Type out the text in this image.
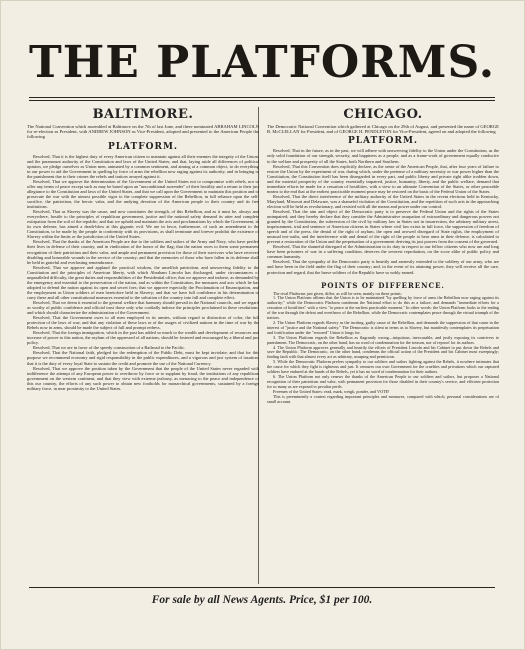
THE PLATFORMS.
BALTIMORE.
The National Convention which assembled at Baltimore on the 7th of last June, and there nominated ABRAHAM LINCOLN for re-election as President, with ANDREW JOHNSON as Vice-President, adopted and presented to the American People the following
PLATFORM.

Resolved, That it is the highest duty of every American citizen to maintain against all their enemies the integrity of the Union, and the paramount authority of the Constitution and laws of the United States; and that, laying aside all differences of political opinion, we pledge ourselves as Union men, animated by a common sentiment, and aiming at a common object, to do everything in our power to aid the Government in quelling by force of arms the rebellion now raging against its authority, and in bringing to the punishment due to their crimes the rebels and traitors arrayed against it.

Resolved, That we approve the determination of the Government of the United States not to compromise with rebels, nor to offer any terms of peace except such as may be based upon an "unconditional surrender" of their hostility and a return to their just allegiance to the Constitution and laws of the United States, and that we call upon the Government to maintain this position and to prosecute the war with the utmost possible vigor to the complete suppression of the Rebellion, in full reliance upon the self-sacrifice, the patriotism, the heroic valor, and the undying devotion of the American people to their country and its free institutions.

Resolved, That as Slavery was the cause, and now constitutes the strength, of this Rebellion, and as it must be, always and everywhere, hostile to the principles of republican government, justice and the national safety demand its utter and complete extirpation from the soil of the republic; and that we uphold and maintain the acts and proclamations by which the Government, in its own defense, has aimed a death-blow at this gigantic evil. We are in favor, furthermore, of such an amendment to the Constitution, to be made by the people in conformity with its provisions, as shall terminate and forever prohibit the existence of Slavery within the limits or the jurisdiction of the United States.

Resolved, That the thanks of the American People are due to the soldiers and sailors of the Army and Navy, who have periled their lives in defense of their country, and in vindication of the honor of the flag; that the nation owes to them some permanent recognition of their patriotism and their valor, and ample and permanent provision for those of their survivors who have received disabling and honorable wounds in the service of the country; and that the memories of those who have fallen in its defense shall be held in grateful and everlasting remembrance.

Resolved, That we approve and applaud the practical wisdom, the unselfish patriotism, and unswerving fidelity to the Constitution and the principles of American liberty, with which Abraham Lincoln has discharged, under circumstances of unparalleled difficulty, the great duties and responsibilities of the Presidential office; that we approve and indorse, as demanded by the emergency and essential to the preservation of the nation, and as within the Constitution, the measures and acts which he has adopted to defend the nation against its open and secret foes; that we approve especially the Proclamation of Emancipation, and the employment as Union soldiers of men heretofore held in Slavery; and that we have full confidence in his determination to carry these and all other constitutional measures essential to the salvation of the country into full and complete effect.

Resolved, That we deem it essential to the general welfare that harmony should prevail in the National councils, and we regard as worthy of public confidence and official trust those only who cordially indorse the principles proclaimed in these resolutions, and which should characterize the administration of the Government.

Resolved, That the Government owes to all men employed in its armies, without regard to distinction of color, the full protection of the laws of war; and that any violation of these laws or of the usages of civilized nations in the time of war by the Rebels now in arms, should be made the subject of full and prompt redress.

Resolved, That the foreign immigration, which in the past has added so much to the wealth and development of resources and increase of power to this nation, the asylum of the oppressed of all nations, should be fostered and encouraged by a liberal and just policy.

Resolved, That we are in favor of the speedy construction of a Railroad to the Pacific.

Resolved, That the National faith, pledged for the redemption of the Public Debt, must be kept inviolate; and that for this purpose we recommend economy and rigid responsibility in the public expenditures, and a vigorous and just system of taxation; that it is the duty of every loyal State to sustain the credit and promote the use of the National Currency.

Resolved, That we approve the position taken by the Government that the people of the United States never regarded with indifference the attempt of any European power to overthrow by force or to supplant by fraud, the institutions of any republican government on the western continent, and that they view with extreme jealousy, as menacing to the peace and independence of this our country, the efforts of any such power to obtain new footholds for monarchical governments, sustained by a foreign military force, in near proximity to the United States.

CHICAGO.
The Democratic National Convention which gathered at Chicago on the 29th of August, and presented the name of GEORGE B. McCLELLAN for President, and of GEORGE H. PENDLETON for Vice-President, agreed on and adopted the following
PLATFORM.

Resolved, That in the future, as in the past, we will adhere with unswerving fidelity to the Union under the Constitution, as the only solid foundation of our strength, security, and happiness as a people, and as a frame-work of government equally conducive to the welfare and prosperity of all the States, both Northern and Southern.

Resolved, That this Convention does explicitly declare, as the sense of the American People, that, after four years of failure to restore the Union by the experiment of war, during which, under the pretense of a military necessity or war power higher than the Constitution, the Constitution itself has been disregarded in every part, and public liberty and private right alike trodden down, and the material prosperity of the country essentially impaired, justice, humanity, liberty, and the public welfare, demand that immediate efforts be made for a cessation of hostilities, with a view to an ultimate Convention of the States, or other peaceable means to the end that at the earliest practicable moment peace may be restored on the basis of the Federal Union of the States.

Resolved, That the direct interference of the military authority of the United States in the recent elections held in Kentucky, Maryland, Missouri and Delaware, was a shameful violation of the Constitution, and the repetition of such acts in the approaching election will be held as revolutionary, and resisted with all the means and power under our control.

Resolved, That the aim and object of the Democratic party is to preserve the Federal Union and the rights of the States unimpaired; and they hereby declare that they consider the Administrative usurpation of extraordinary and dangerous powers not granted by the Constitution, the subversion of the civil by military law in States not in insurrection, the arbitrary military arrest, imprisonment, trial and sentence of American citizens in States where civil law exists in full force, the suppression of freedom of speech and of the press, the denial of the right of asylum, the open and avowed disregard of State rights, the employment of unusual test-oaths, and the interference with and denial of the right of the people to bear arms in their defense, is calculated to prevent a restoration of the Union and the perpetuation of a government deriving its just powers from the consent of the governed.

Resolved, That the shameful disregard of the Administration to its duty in respect to our fellow citizens who now are and long have been prisoners of war in a suffering condition, deserves the severest reprobation, on the score alike of public policy and common humanity.

Resolved, That the sympathy of the Democratic party is heartily and earnestly extended to the soldiery of our army, who are and have been in the field under the flag of their country; and, in the event of its attaining power, they will receive all the care, protection and regard, that the brave soldiers of the Republic have so nobly earned.

POINTS OF DIFFERENCE.

The rival Platforms just given, differ, as will be seen, mainly on these points:

1. The Union Platform affirms that the Union is to be maintained "by quelling by force of arms the Rebellion now raging against its authority;" while the Democratic Platform condemns the National effort to do this as a failure, and demands "immediate efforts for a cessation of hostilities" with a view "to peace at the earliest practicable moment." In other words: the Union Platform looks to the ending of the war through the defeat and overthrow of the Rebellion, while the Democratic contemplates peace through the virtual triumph of the traitors.

2. The Union Platform regards Slavery as the inciting, guilty cause of the Rebellion, and demands the suppression of that cause in the interest of "justice and the National safety." The Democratic is silent in terms as to Slavery, but manifestly contemplates its perpetuation and fortification under the "restored" Union it longs for.

3. The Union Platform regards the Rebellion as flagrantly wrong—iniquitous, inexcusable, and justly exposing its contrivers to punishment. The Democratic, on the other hand, has no word of condemnation for the treason, nor of reproof for its authors.

4. The Union Platform approves generally and heartily the efforts of President Lincoln and his Cabinet to put down the Rebels and save the Republic. The Democratic, on the other hand, condemns the official action of the President and his Cabinet most sweepingly; finding fault with that almost every act as arbitrary, usurping and pernicious.

5. While the Democratic Platform prefers sympathy to our soldiers and sailors fighting against the Rebels, it nowhere intimates that the cause for which they fight is righteous and just. It censures our own Government for the cruelties and privations which our captured soldiers have endured at the hands of the Rebels, yet it has no word of condemnation for their authors.

6. The Union Platform not only renews the thanks of the American People to our soldiers and sailors, but proposes a National recognition of their patriotism and valor, with permanent provision for those disabled in their country's service, and efficient protection for so many as are exposed to peculiar perils.

Freemen of the United States: read, mark, weigh, ponder, and VOTE!

This is preeminently a contest regarding important principles and measures, compared with which, personal considerations are of small account.

For sale by all News Agents. Price, $1 per 100.
